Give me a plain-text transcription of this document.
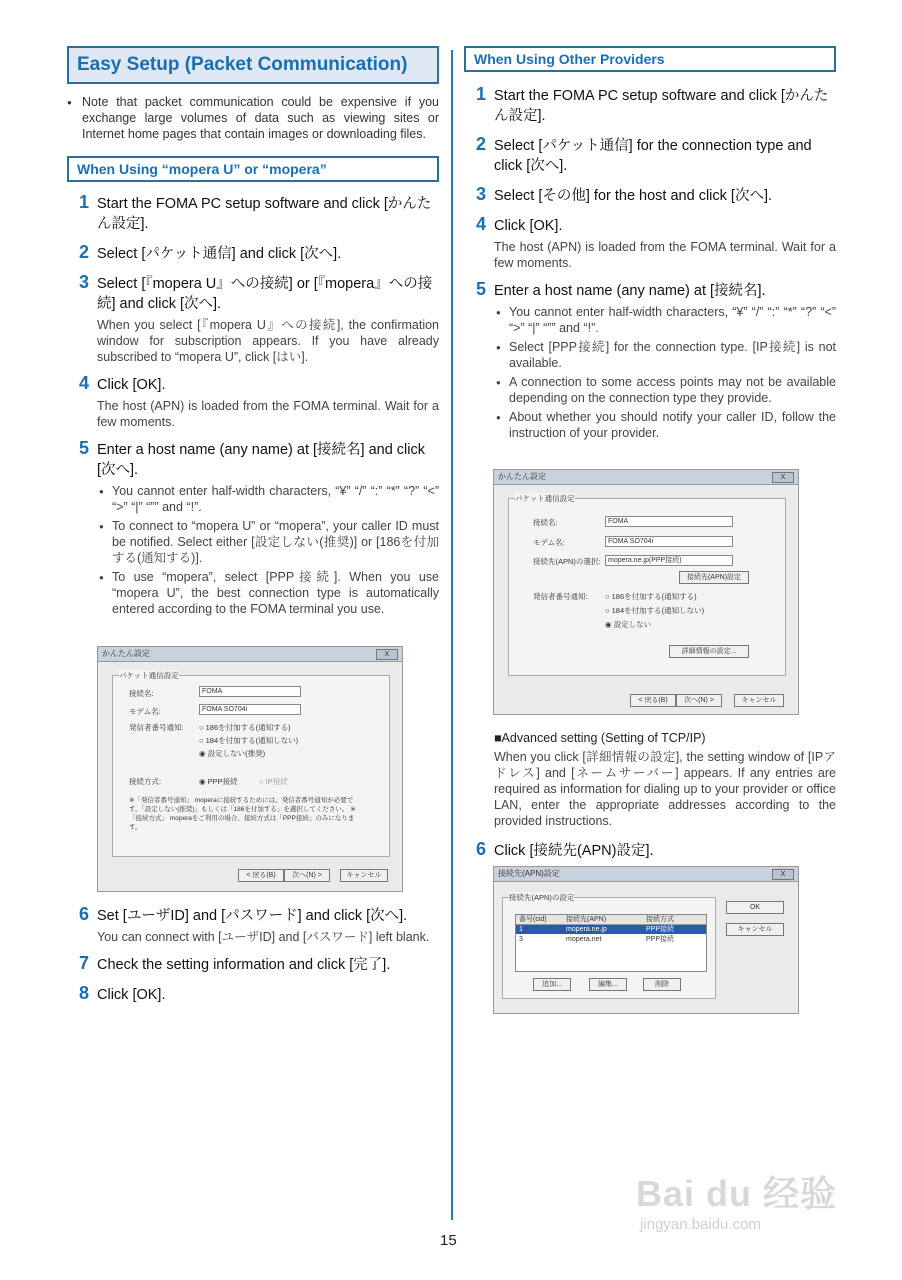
Easy Setup (Packet Communication)
● Note that packet communication could be expensive if you exchange large volumes of data such as viewing sites or Internet home pages that contain images or downloading files.
When Using “mopera U” or “mopera”
1 Start the FOMA PC setup software and click [かんたん設定].
2 Select [パケット通信] and click [次へ].
3 Select [『mopera U』への接続] or [『mopera』への接続] and click [次へ].
When you select [『mopera U』への接続], the confirmation window for subscription appears. If you have already subscribed to “mopera U”, click [はい].
4 Click [OK].
The host (APN) is loaded from the FOMA terminal. Wait for a few moments.
5 Enter a host name (any name) at [接続名] and click [次へ].
● You cannot enter half-width characters, “¥” “/” “:” “*” “?” “<” “>” “|” “”” and “!”.
● To connect to “mopera U” or “mopera”, your caller ID must be notified. Select either [設定しない(推奨)] or [186を付加する(通知する)].
● To use “mopera”, select [PPP接続]. When you use “mopera U”, the best connection type is automatically entered according to the FOMA terminal you use.
かんたん設定	X
パケット通信設定
接続名:	FOMA
モデム名:	FOMA SO704i
発信者番号通知: ○ 186を付加する(通知する)
○ 184を付加する(通知しない)
◉ 設定しない(推奨)
接続方式:	◉ PPP接続	○ IP接続
※「発信者番号通知」 moperaに接続するためには、発信者番号通知が必要です。「設定しない(推奨)」もしくは「186を付加する」を選択してください。 ※「接続方式」 moperaをご利用の場合、接続方式は「PPP接続」のみになります。
< 戻る(B)	次へ(N) >	キャンセル
6 Set [ユーザID] and [パスワード] and click [次へ].
You can connect with [ユーザID] and [パスワード] left blank.
7 Check the setting information and click [完了].
8 Click [OK].
When Using Other Providers
1 Start the FOMA PC setup software and click [かんたん設定].
2 Select [パケット通信] for the connection type and click [次へ].
3 Select [その他] for the host and click [次へ].
4 Click [OK].
The host (APN) is loaded from the FOMA terminal. Wait for a few moments.
5 Enter a host name (any name) at [接続名].
● You cannot enter half-width characters, “¥” “/” “:” “*” “?” “<” “>” “|” “”” and “!”.
● Select [PPP接続] for the connection type. [IP接続] is not available.
● A connection to some access points may not be available depending on the connection type they provide.
● About whether you should notify your caller ID, follow the instruction of your provider.
かんたん設定	X
パケット通信設定
接続名:	FOMA
モデム名:	FOMA SO704i
接続先(APN)の選択:	mopera.ne.jp(PPP接続)
接続先(APN)設定
発信者番号通知: ○ 186を付加する(通知する)
○ 184を付加する(通知しない)
◉ 設定しない
詳細情報の設定...
< 戻る(B)	次へ(N) >	キャンセル
■Advanced setting (Setting of TCP/IP)
When you click [詳細情報の設定], the setting window of [IPアドレス] and [ネームサーバー] appears. If any entries are required as information for dialing up to your provider or office LAN, enter the appropriate addresses according to the provided instructions.
6 Click [接続先(APN)設定].
接続先(APN)設定	X
接続先(APN)の設定
番号(cid)	接続先(APN)	接続方式
1	mopera.ne.jp	PPP接続
3	mopera.net	PPP接続
追加...	編集...	削除
OK
キャンセル
15
Bai du 经验
jingyan.baidu.com
